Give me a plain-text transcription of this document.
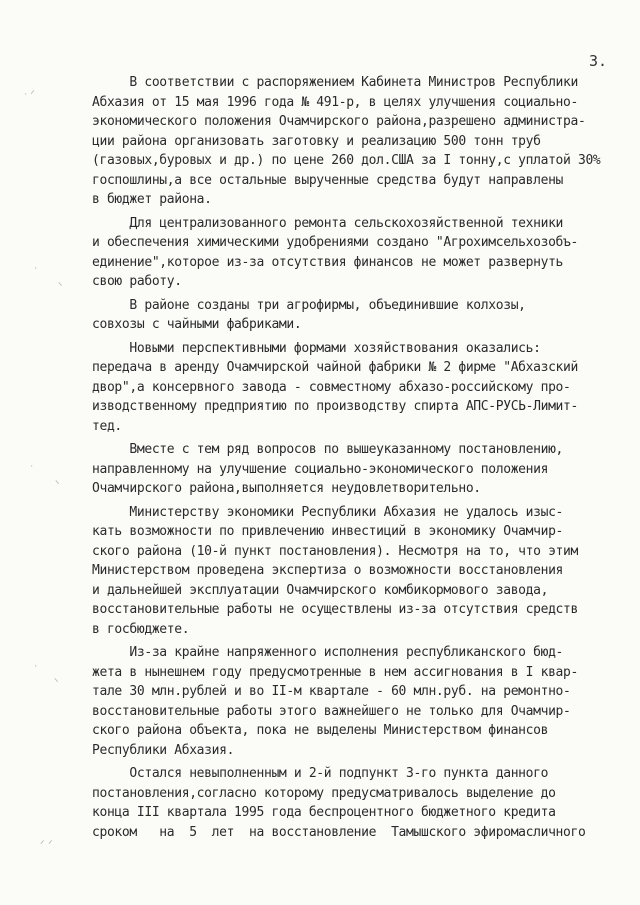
3.
ᐧ ᐟ
ᐧ
ᐠ
ᐧ
ᐠ
ᐧ
ᐠ
ᐟ ᐟ
В соответствии с распоряжением Кабинета Министров Республики
Абхазия от 15 мая 1996 года № 491-р, в целях улучшения социально-
экономического положения Очамчирского района,разрешено администра-
ции района организовать заготовку и реализацию 500 тонн труб
(газовых,буровых и др.) по цене 260 дол.США за I тонну,с уплатой 30%
госпошлины,а все остальные вырученные средства будут направлены
в бюджет района.
Для централизованного ремонта сельскохозяйственной техники
и обеспечения химическими удобрениями создано "Агрохимсельхозобъ-
единение",которое из-за отсутствия финансов не может развернуть
свою работу.
В районе созданы три агрофирмы, объединившие колхозы,
совхозы с чайными фабриками.
Новыми перспективными формами хозяйствования оказались:
передача в аренду Очамчирской чайной фабрики № 2 фирме "Абхазский
двор",а консервного завода - совместному абхазо-российскому про-
изводственному предприятию по производству спирта АПС-РУСЬ-Лимит-
тед.
Вместе с тем ряд вопросов по вышеуказанному постановлению,
направленному на улучшение социально-экономического положения
Очамчирского района,выполняется неудовлетворительно.
Министерству экономики Республики Абхазия не удалось изыс-
кать возможности по привлечению инвестиций в экономику Очамчир-
ского района (10-й пункт постановления). Несмотря на то, что этим
Министерством проведена экспертиза о возможности восстановления
и дальнейшей эксплуатации Очамчирского комбикормового завода,
восстановительные работы не осуществлены из-за отсутствия средств
в госбюджете.
Из-за крайне напряженного исполнения республиканского бюд-
жета в нынешнем году предусмотренные в нем ассигнования в I квар-
тале 30 млн.рублей и во II-м квартале - 60 млн.руб. на ремонтно-
восстановительные работы этого важнейшего не только для Очамчир-
ского района объекта, пока не выделены Министерством финансов
Республики Абхазия.
Остался невыполненным и 2-й подпункт 3-го пункта данного
постановления,согласно которому предусматривалось выделение до
конца III квартала 1995 года беспроцентного бюджетного кредита
сроком   на  5  лет  на восстановление  Тамышского эфиромасличного
